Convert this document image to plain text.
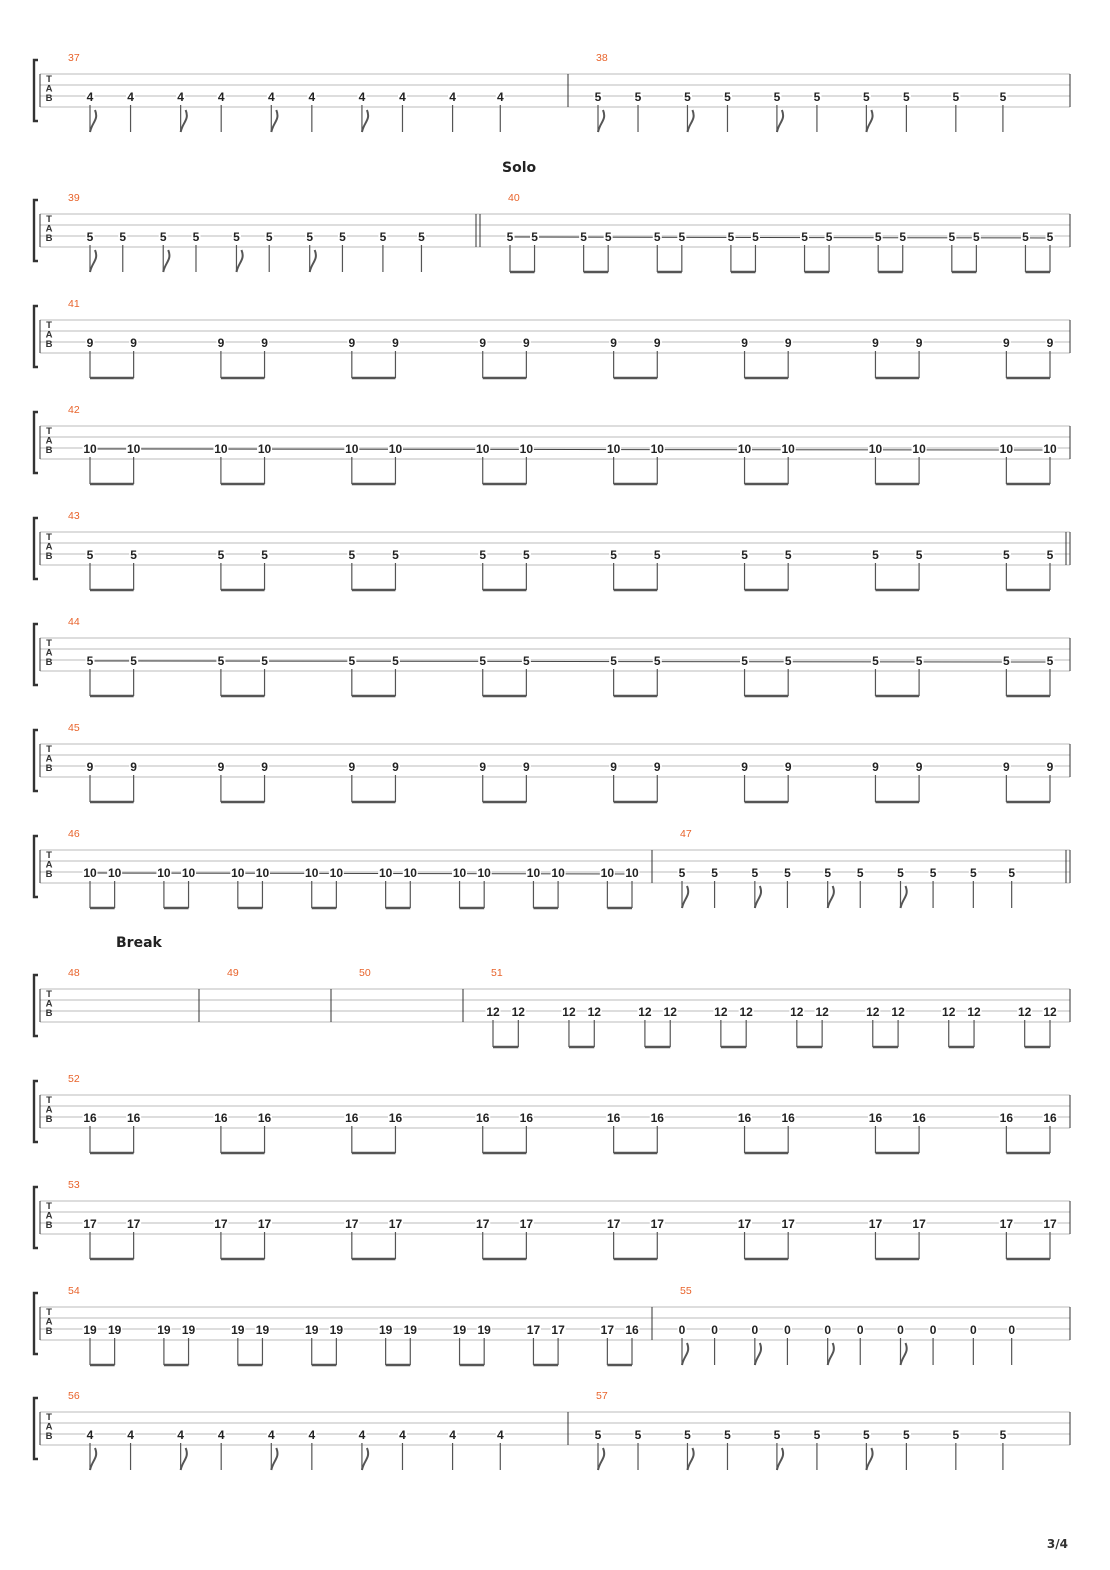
T
A
B
37
4	4	4	4	4	4	4	4	4	4
38
5	5	5	5	5	5	5	5	5	5
T
A
B
39
5 5	5 5	5 5	5 5	5	5
40
5 5	5 5	5 5	5 5	5 5	5 5	5 5	5 5
T
A
B
41
9	9	9	9	9	9	9	9	9	9	9	9	9	9	9	9
T
A
B
42
10	10	10	10	10	10	10	10	10	10	10	10	10	10	10	10
T
A
B
43
5	5	5	5	5	5	5	5	5	5	5	5	5	5	5	5
T
A
B
44
5	5	5	5	5	5	5	5	5	5	5	5	5	5	5	5
T
A
B
45
9	9	9	9	9	9	9	9	9	9	9	9	9	9	9	9
T
A
B
46
10 10	10 10	10 10	10 10	10 10	10 10	10 10	10 10
47
5 5	5 5	5 5	5 5	5	5
T
A
B
48	49	50	51
12 12	12 12	12 12	12 12	12 12	12 12	12 12	12 12
T
A
B
52
16	16	16	16	16	16	16	16	16	16	16	16	16	16	16	16
T
A
B
53
17	17	17	17	17	17	17	17	17	17	17	17	17	17	17	17
T
A
B
54
19 19	19 19	19 19	19 19	19 19	19 19	17 17	17 16
55
0 0	0 0	0 0	0 0	0	0
T
A
B
56
4	4	4	4	4	4	4	4	4	4
57
5	5	5	5	5	5	5	5	5	5
Solo
Break
3/4
